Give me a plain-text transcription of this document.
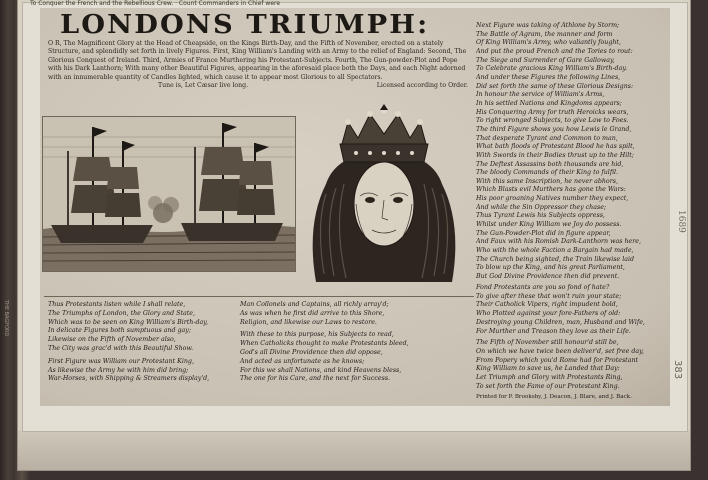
THE BAGFORD
To Conquer the French and the Rebellious Crew. · Count Commanders in Chief were
LONDONS TRIUMPH:
O R, The Magnificent Glory at the Head of Cheapside, on the Kings Birth-Day, and the Fifth of November, erected on a stately Structure, and splendidly set forth in lively Figures. First, King William's Landing with an Army to the relief of England: Second, The Glorious Conquest of Ireland. Third, Armies of France Murthering his Protestant-Subjects. Fourth, The Gun-powder-Plot and Pope with his Dark Lanthorn; With many other Beautiful Figures, appearing in the aforesaid place both the Days, and each Night adorned with an innumerable quantity of Candles lighted, which cause it to appear most Glorious to all Spectators.
Tune is, Let Cæsar live long.	Licensed according to Order.
Next Figure was taking of Athlone by Storm;
The Battle of Agram, the manner and form
Of King William's Army, who valiantly fought,
And put the proud French and the Tories to rout:
The Siege and Surrender of Gare Galloway,
To Celebrate gracious King William's Birth-day.
And under these Figures the following Lines,
Did set forth the same of these Glorious Designs:
In honour the service of William's Arms,
In his settled Nations and Kingdoms appears;
His Conquering Army for truth Heroicks wears,
To right wronged Subjects, to give Law to Foes.
The third Figure shows you how Lewis le Grand,
That desperate Tyrant and Common to man,
What bath floods of Protestant Blood he has spilt,
With Swords in their Bodies thrust up to the Hilt;
The Deftest Assassins both thousands are hid,
The bloody Commands of their King to fulfil.
With this same Inscription, he never abhors,
Which Blasts evil Murthers has gone the Wars:
His poor groaning Natives number they expect,
And while the Sin Oppressor they chase;
Thus Tyrant Lewis his Subjects oppress,
Whilst under King William we Joy do possess.
The Gun-Powder-Plot did in figure appear,
And Faux with his Romish Dark-Lanthorn was here,
Who with the whole Faction a Bargain had made,
The Church being sighted, the Train likewise laid
To blow up the King, and his great Parliament,
But God Divine Providence then did prevent.
Thus Protestants listen while I shall relate,
The Triumphs of London, the Glory and State,
Which was to be seen on King William's Birth-day,
In delicate Figures both sumptuous and gay;
Likewise on the Fifth of November also,
The City was grac'd with this Beautiful Show.
First Figure was William our Protestant King,
As likewise the Army he with him did bring;
War-Horses, with Shipping & Streamers display'd,
Man Collonels and Captains, all richly array'd;
As was when he first did arrive to this Shore,
Religion, and likewise our Laws to restore.
With these to this purpose, his Subjects to read,
When Catholicks thought to make Protestants bleed,
God's all Divine Providence then did oppose,
And acted as unfortunate as he knows;
For this we shall Nations, and kind Heavens bless,
The one for his Care, and the next for Success.
Fond Protestants are you so fond of hate?
To give after these that won't ruin your state;
Their Catholick Vipers, right impudent bold,
Who Plotted against your fore-Fathers of old:
Destroying young Children, man, Husband and Wife,
For Murther and Treason they love as their Life.
The Fifth of November still honour'd still be,
On which we have twice been deliver'd, set free day,
From Popery which you'd Rome had for Protestant
King William to save us, he Landed that Day:
Let Triumph and Glory with Protestants Ring,
To set forth the Fame of our Protestant King.
Printed for P. Brooksby, J. Deacon, J. Blare, and J. Back.
1689
383
